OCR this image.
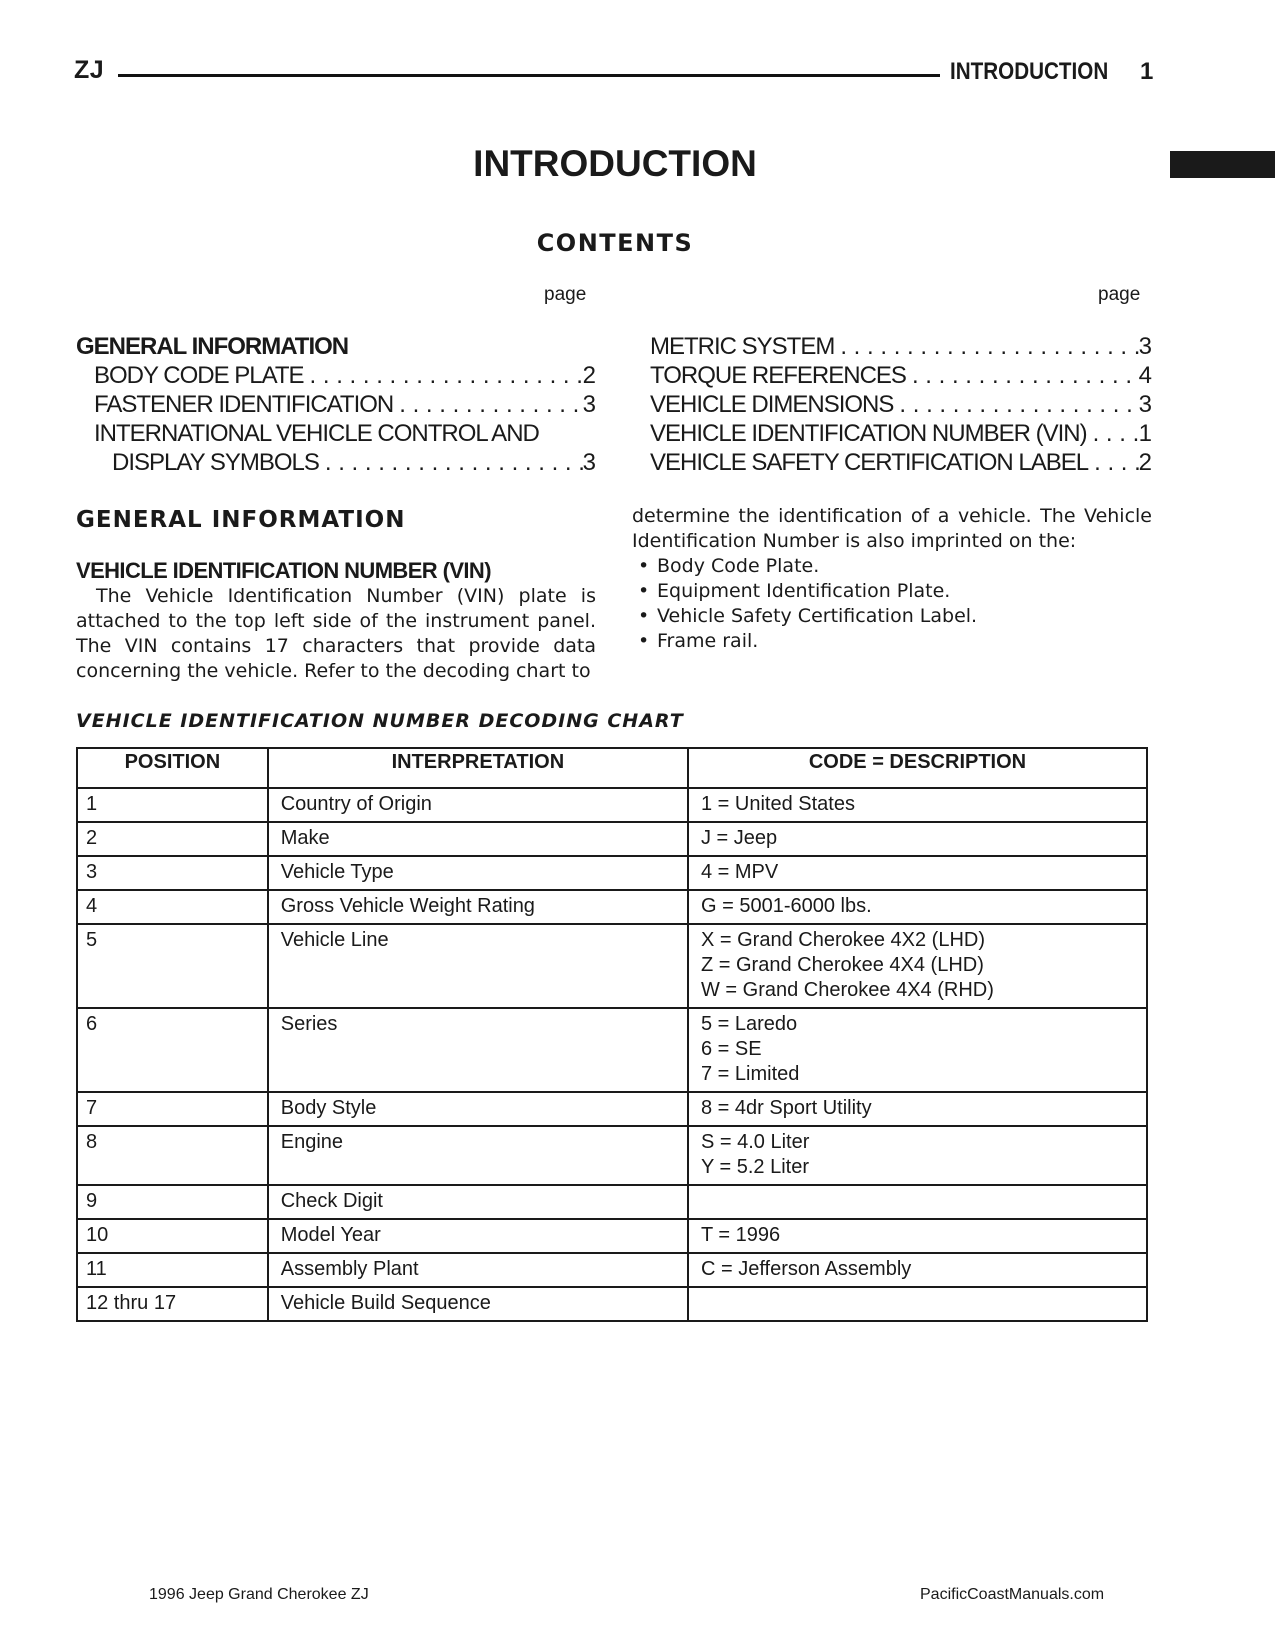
ZJ	INTRODUCTION 1
INTRODUCTION
CONTENTS
page	page
GENERAL INFORMATION
BODY CODE PLATE . . .	2
FASTENER IDENTIFICATION . . .	3
INTERNATIONAL VEHICLE CONTROL AND
DISPLAY SYMBOLS . . .	3
METRIC SYSTEM . . .	3
TORQUE REFERENCES . . .	4
VEHICLE DIMENSIONS . . .	3
VEHICLE IDENTIFICATION NUMBER (VIN) . . . 1
VEHICLE SAFETY CERTIFICATION LABEL . . . 2
GENERAL INFORMATION
VEHICLE IDENTIFICATION NUMBER (VIN)
The Vehicle Identification Number (VIN) plate is attached to the top left side of the instrument panel. The VIN contains 17 characters that provide data concerning the vehicle. Refer to the decoding chart to
determine the identification of a vehicle. The Vehicle Identification Number is also imprinted on the:
• Body Code Plate.
• Equipment Identification Plate.
• Vehicle Safety Certification Label.
• Frame rail.
VEHICLE IDENTIFICATION NUMBER DECODING CHART
POSITION	INTERPRETATION	CODE = DESCRIPTION
1	Country of Origin	1 = United States

2	Make	J = Jeep

3	Vehicle Type	4 = MPV

4	Gross Vehicle Weight Rating	G = 5001-6000 lbs.

5	Vehicle Line	X = Grand Cherokee 4X2 (LHD)
Z = Grand Cherokee 4X4 (LHD)
W = Grand Cherokee 4X4 (RHD)

6	Series	5 = Laredo
6 = SE
7 = Limited

7	Body Style	8 = 4dr Sport Utility

8	Engine	S = 4.0 Liter
Y = 5.2 Liter

9	Check Digit	
10	Model Year	T = 1996

11	Assembly Plant	C = Jefferson Assembly

12 thru 17	Vehicle Build Sequence	
1996 Jeep Grand Cherokee ZJ	PacificCoastManuals.com
